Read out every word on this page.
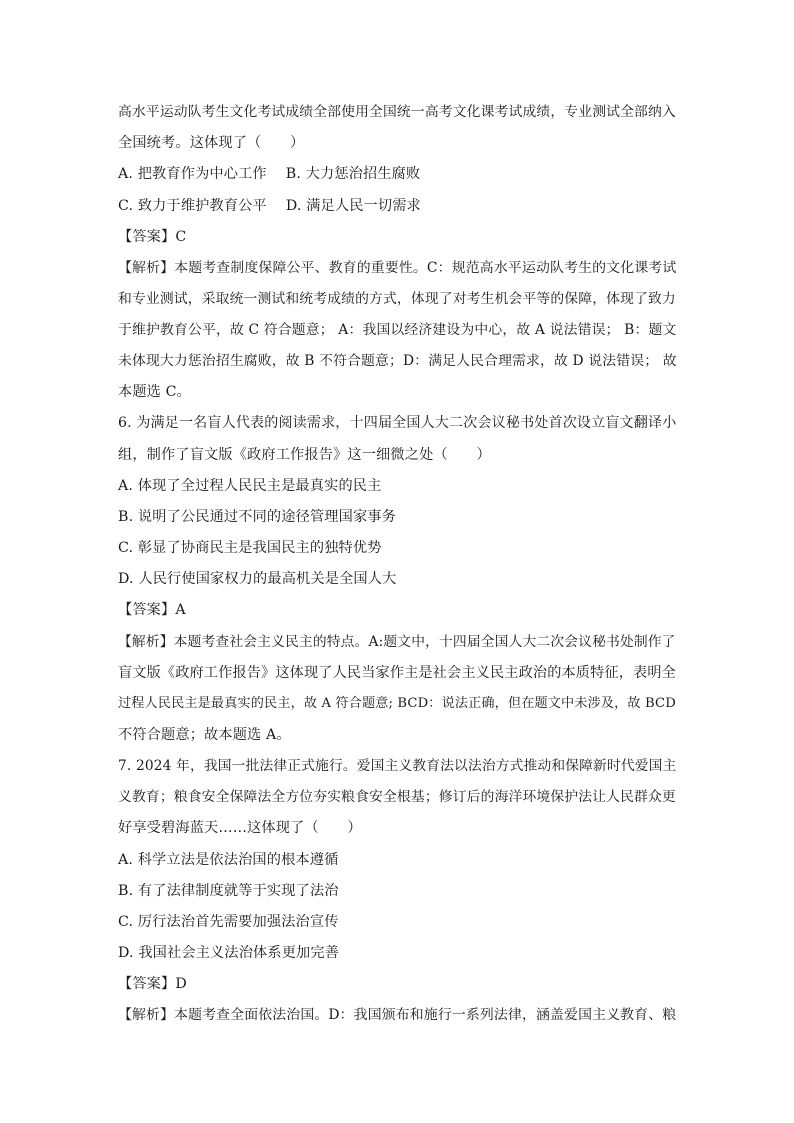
高水平运动队考生文化考试成绩全部使用全国统一高考文化课考试成绩，专业测试全部纳入
全国统考。这体现了（　　）
A. 把教育作为中心工作　 B. 大力惩治招生腐败
C. 致力于维护教育公平　 D. 满足人民一切需求
【答案】C
【解析】本题考查制度保障公平、教育的重要性。C：规范高水平运动队考生的文化课考试
和专业测试，采取统一测试和统考成绩的方式，体现了对考生机会平等的保障，体现了致力
于维护教育公平，故 C 符合题意； A：我国以经济建设为中心，故 A 说法错误； B：题文
未体现大力惩治招生腐败，故 B 不符合题意；D：满足人民合理需求，故 D 说法错误； 故
本题选 C。
6. 为满足一名盲人代表的阅读需求，十四届全国人大二次会议秘书处首次设立盲文翻译小
组，制作了盲文版《政府工作报告》这一细微之处（　　）
A. 体现了全过程人民民主是最真实的民主
B. 说明了公民通过不同的途径管理国家事务
C. 彰显了协商民主是我国民主的独特优势
D. 人民行使国家权力的最高机关是全国人大
【答案】A
【解析】本题考查社会主义民主的特点。A:题文中，十四届全国人大二次会议秘书处制作了
盲文版《政府工作报告》这体现了人民当家作主是社会主义民主政治的本质特征，表明全
过程人民民主是最真实的民主，故 A 符合题意; BCD：说法正确，但在题文中未涉及，故 BCD
不符合题意；故本题选 A。
7. 2024 年，我国一批法律正式施行。爱国主义教育法以法治方式推动和保障新时代爱国主
义教育；粮食安全保障法全方位夯实粮食安全根基；修订后的海洋环境保护法让人民群众更
好享受碧海蓝天……这体现了（　　）
A. 科学立法是依法治国的根本遵循
B. 有了法律制度就等于实现了法治
C. 厉行法治首先需要加强法治宣传
D. 我国社会主义法治体系更加完善
【答案】D
【解析】本题考查全面依法治国。D：我国颁布和施行一系列法律，涵盖爱国主义教育、粮
